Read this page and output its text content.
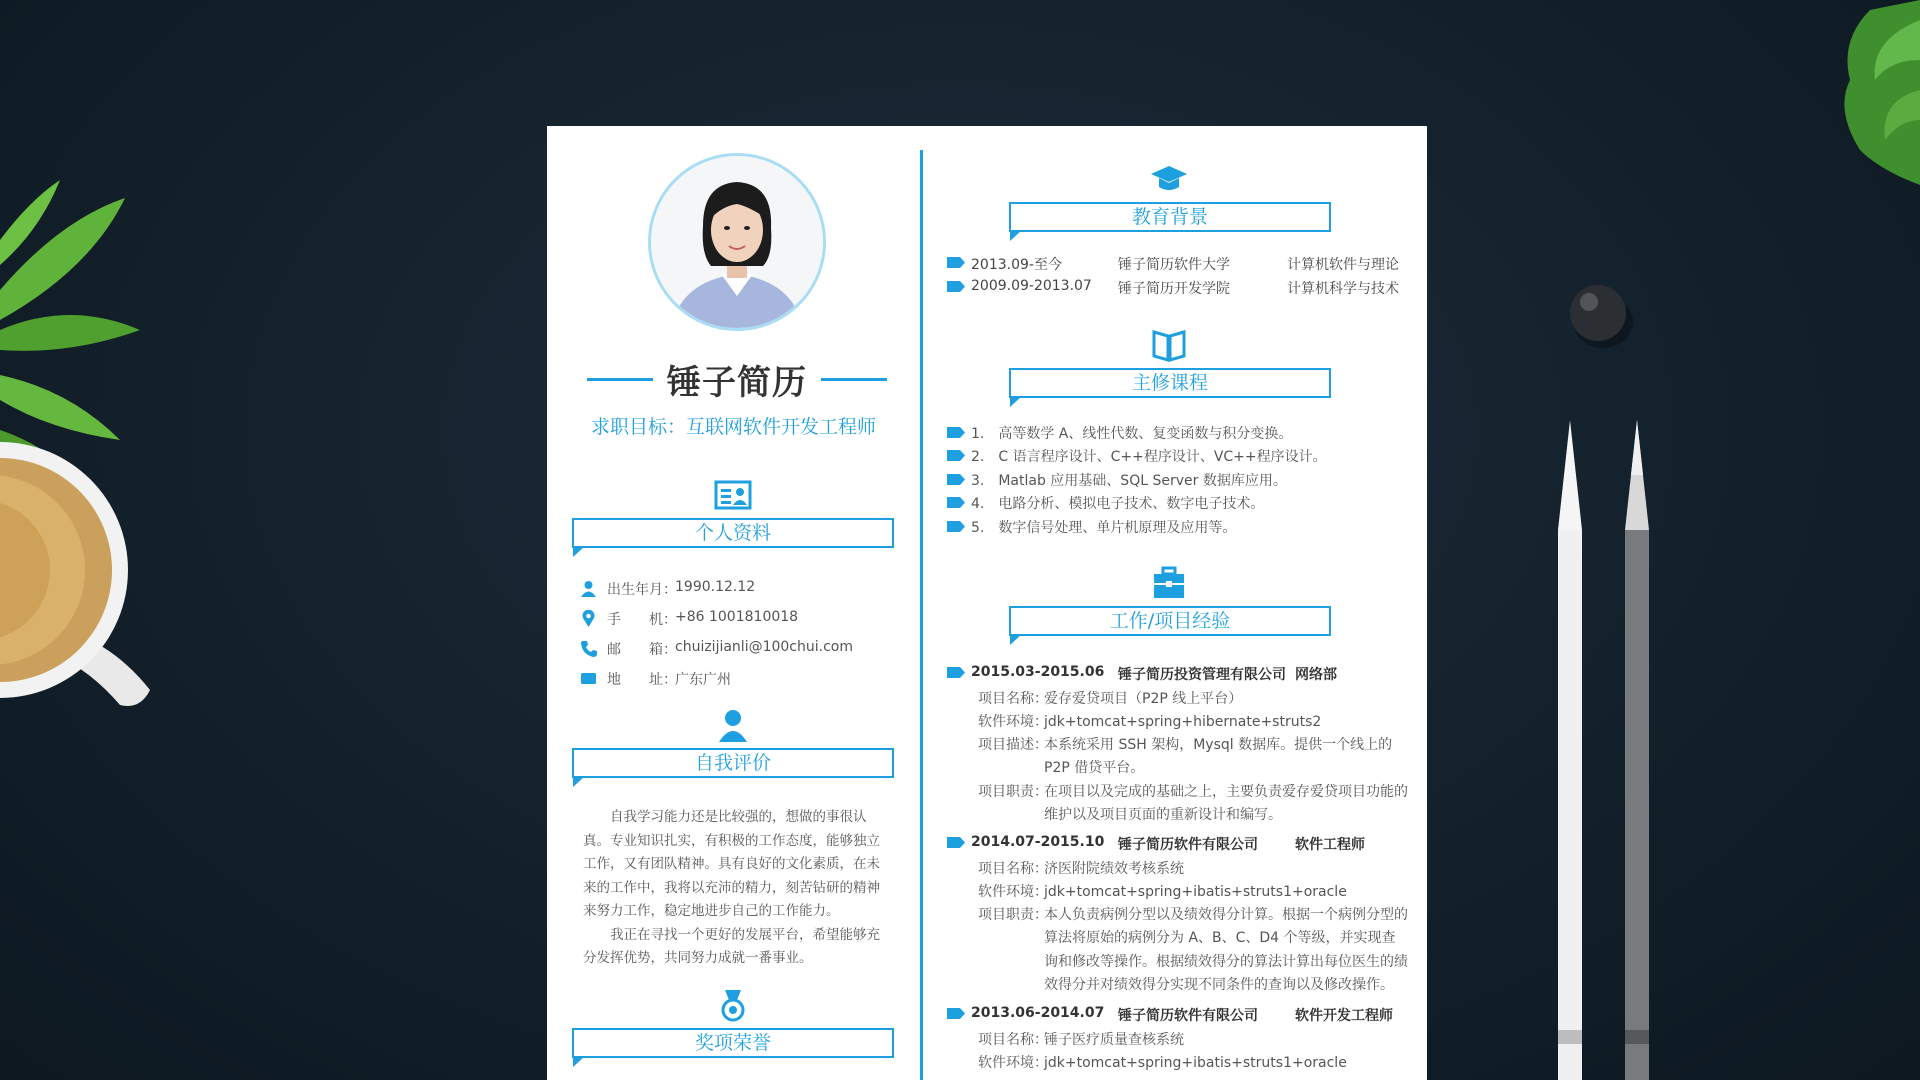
锤子简历
求职目标：互联网软件开发工程师
个人资料
出生年月：
1990.12.12
手　　机：
+86 1001810018
邮　　箱：
chuizijianli@100chui.com
地　　址：
广东广州
自我评价

自我学习能力还是比较强的，想做的事很认真。专业知识扎实，有积极的工作态度，能够独立工作，又有团队精神。具有良好的文化素质，在未来的工作中，我将以充沛的精力，刻苦钻研的精神来努力工作，稳定地进步自己的工作能力。

我正在寻找一个更好的发展平台，希望能够充分发挥优势，共同努力成就一番事业。

奖项荣誉
教育背景
2013.09-至今	锤子简历软件大学	计算机软件与理论
2009.09-2013.07 锤子简历开发学院	计算机科学与技术
主修课程
1.　高等数学 A、线性代数、复变函数与积分变换。
2.　C 语言程序设计、C++程序设计、VC++程序设计。
3.　Matlab 应用基础、SQL Server 数据库应用。
4.　电路分析、模拟电子技术、数字电子技术。
5.　数字信号处理、单片机原理及应用等。
工作/项目经验
2015.03-2015.06 锤子简历投资管理有限公司 网络部
项目名称：
爱存爱贷项目（P2P 线上平台）
软件环境：
jdk+tomcat+spring+hibernate+struts2
项目描述：
本系统采用 SSH 架构，Mysql 数据库。提供一个线上的 P2P 借贷平台。
项目职责：
在项目以及完成的基础之上，主要负责爱存爱贷项目功能的维护以及项目页面的重新设计和编写。
2014.07-2015.10 锤子简历软件有限公司	软件工程师
项目名称：
济医附院绩效考核系统
软件环境：
jdk+tomcat+spring+ibatis+struts1+oracle
项目职责：
本人负责病例分型以及绩效得分计算。根据一个病例分型的算法将原始的病例分为 A、B、C、D4 个等级，并实现查询和修改等操作。根据绩效得分的算法计算出每位医生的绩效得分并对绩效得分实现不同条件的查询以及修改操作。
2013.06-2014.07 锤子简历软件有限公司	软件开发工程师
项目名称：
锤子医疗质量查核系统
软件环境：
jdk+tomcat+spring+ibatis+struts1+oracle
